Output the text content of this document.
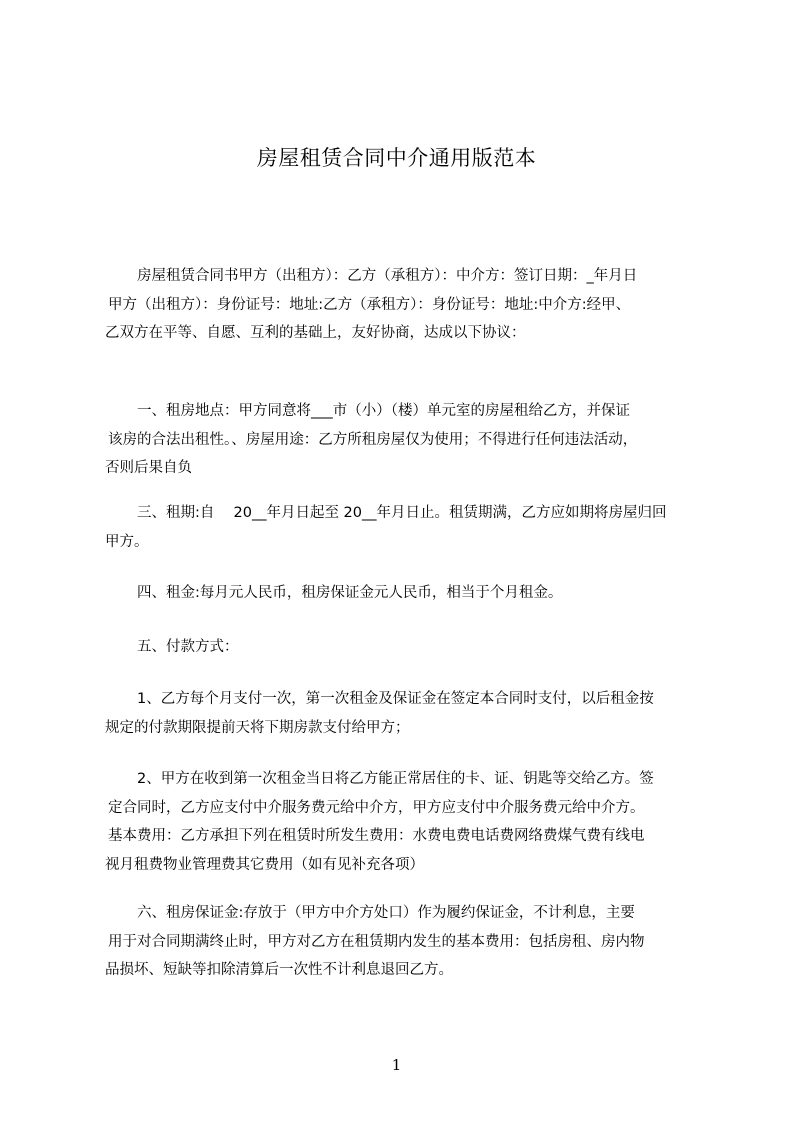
房屋租赁合同中介通用版范本
房屋租赁合同书甲方（出租方）：乙方（承租方）：中介方：签订日期：_年月日
甲方（出租方）：身份证号：地址:乙方（承租方）：身份证号：地址:中介方:经甲、
乙双方在平等、自愿、互利的基础上，友好协商，达成以下协议：
一、租房地点：甲方同意将___市（小）（楼）单元室的房屋租给乙方，并保证
该房的合法出租性。、房屋用途：乙方所租房屋仅为使用；不得进行任何违法活动，
否则后果自负
三、租期:自　 20__年月日起至 20__年月日止。租赁期满，乙方应如期将房屋归回
甲方。
四、租金:每月元人民币，租房保证金元人民币，相当于个月租金。
五、付款方式：
1、乙方每个月支付一次，第一次租金及保证金在签定本合同时支付，以后租金按
规定的付款期限提前天将下期房款支付给甲方；
2、甲方在收到第一次租金当日将乙方能正常居住的卡、证、钥匙等交给乙方。签
定合同时，乙方应支付中介服务费元给中介方，甲方应支付中介服务费元给中介方。
基本费用：乙方承担下列在租赁时所发生费用：水费电费电话费网络费煤气费有线电
视月租费物业管理费其它费用（如有见补充各项）
六、租房保证金:存放于（甲方中介方处口）作为履约保证金，不计利息，主要
用于对合同期满终止时，甲方对乙方在租赁期内发生的基本费用：包括房租、房内物
品损坏、短缺等扣除清算后一次性不计利息退回乙方。
1
